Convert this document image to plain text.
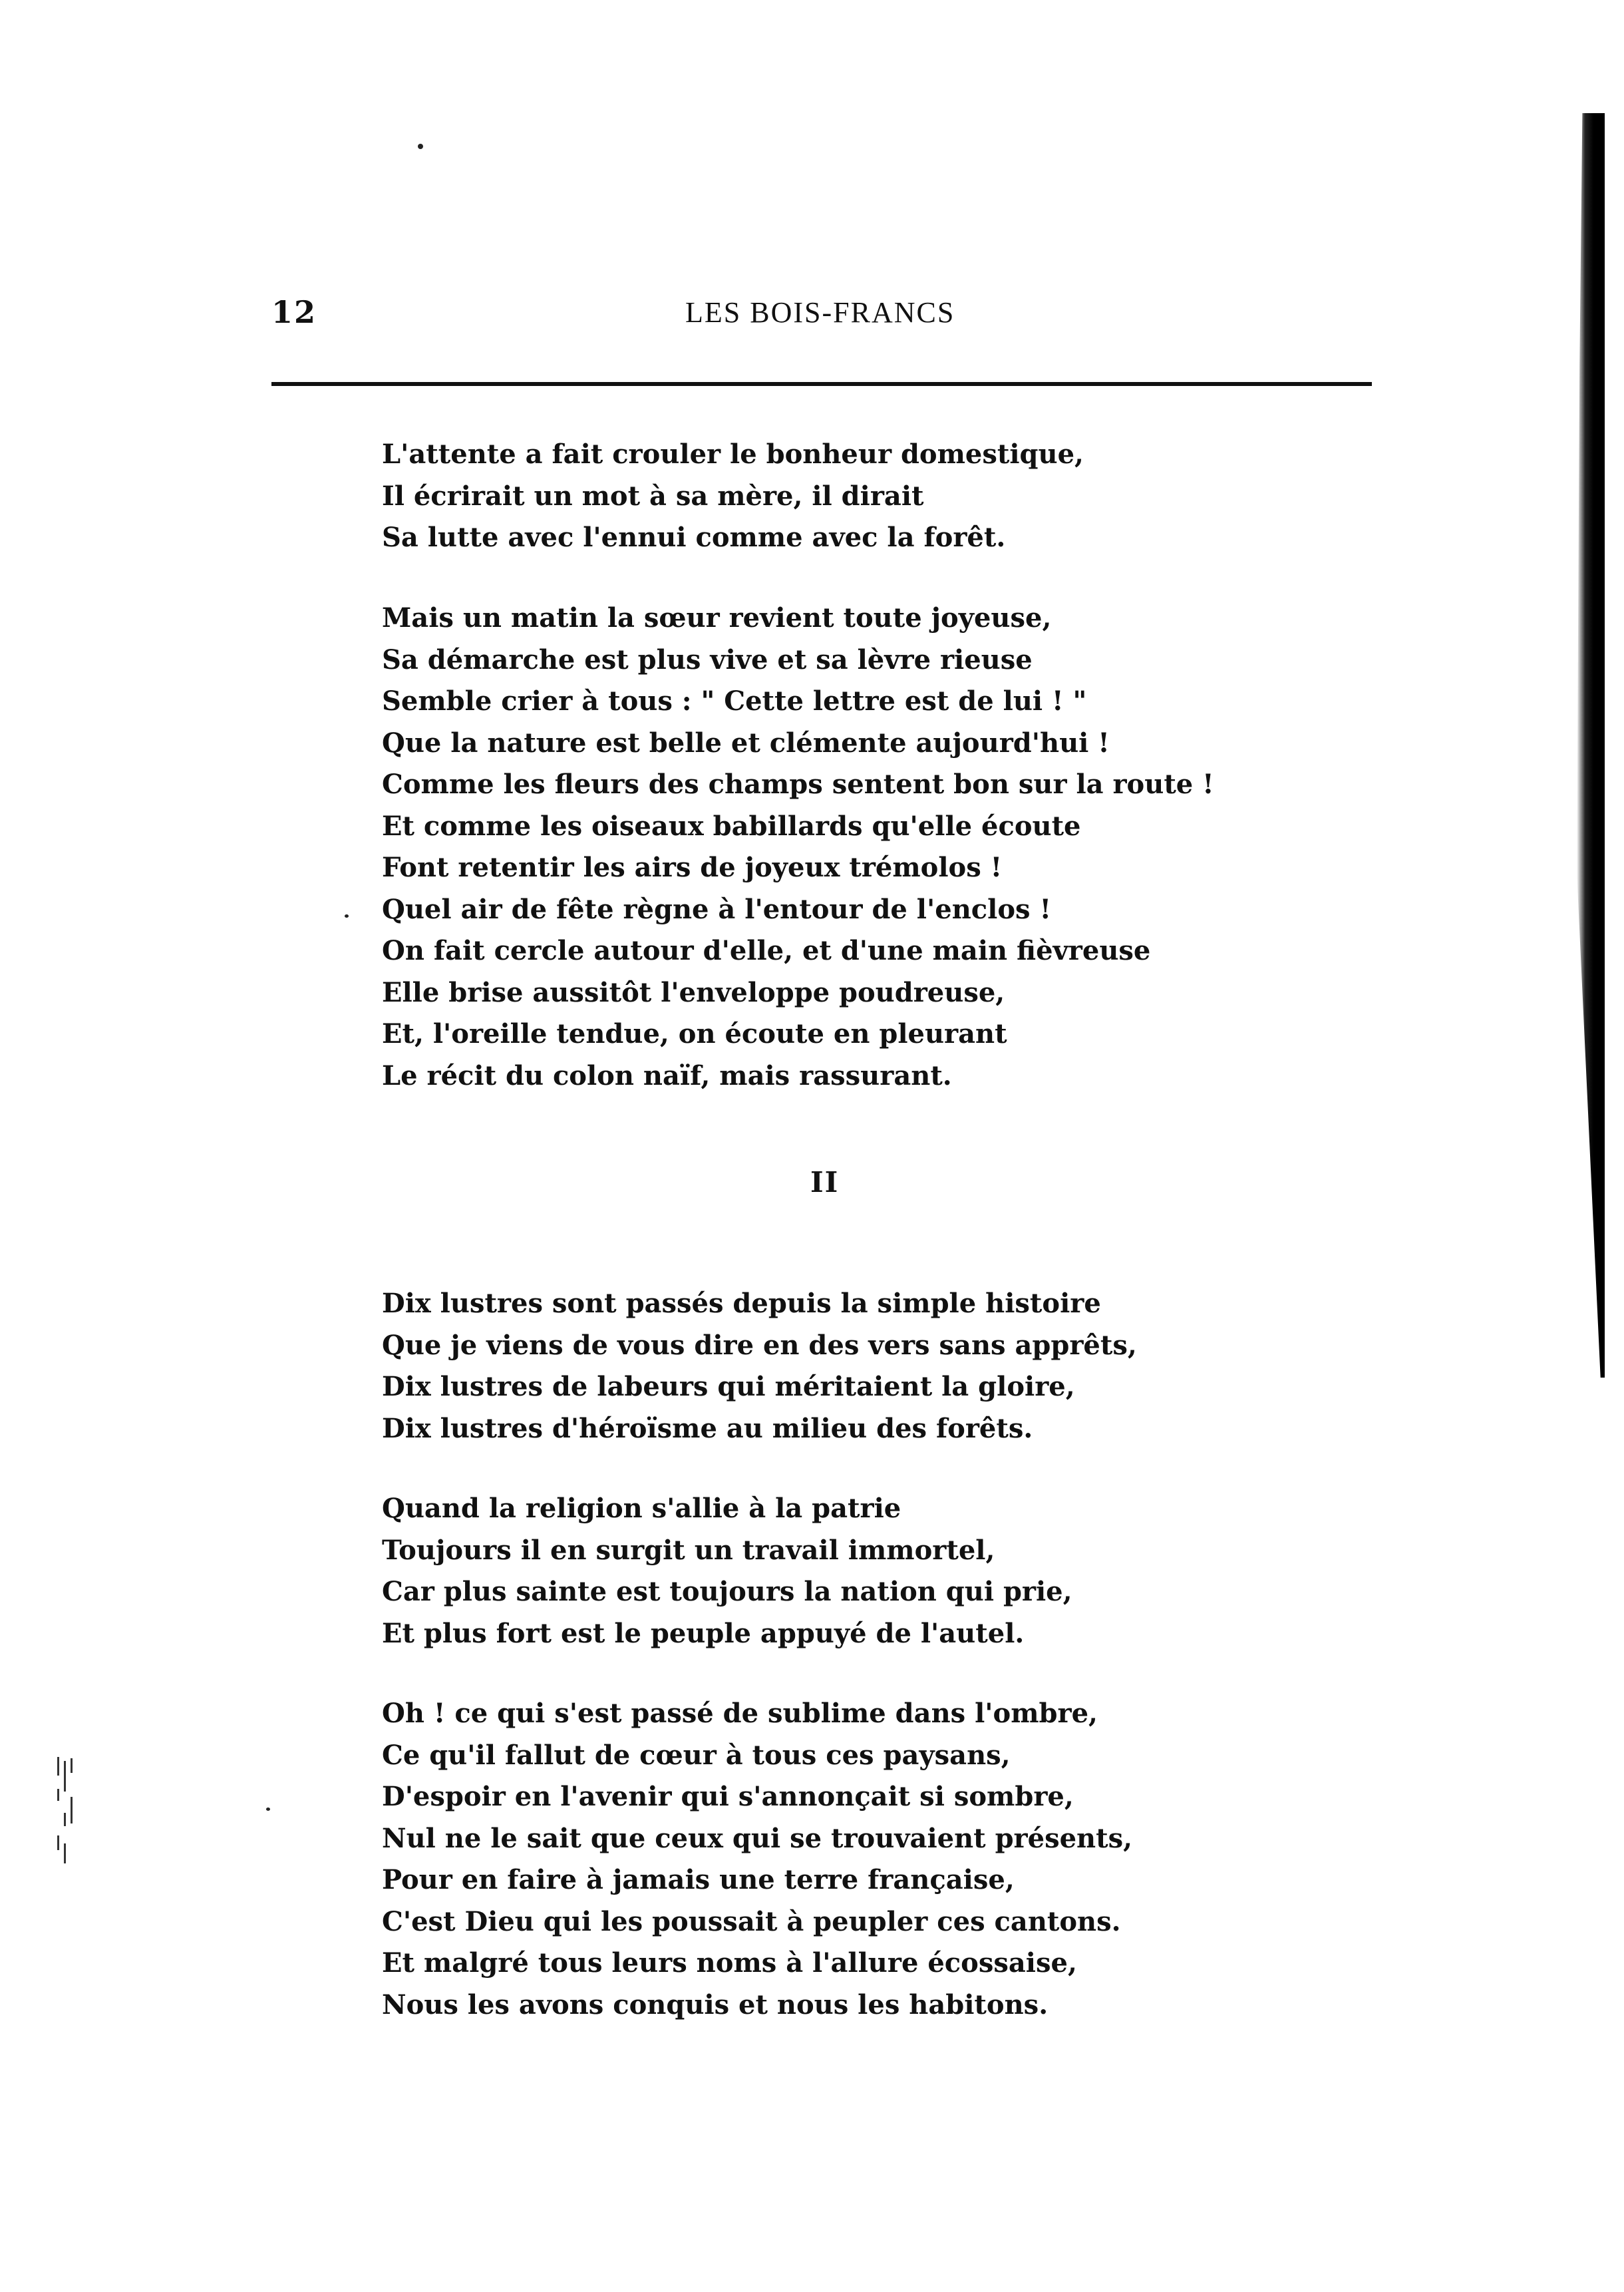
12	LES BOIS-FRANCS
L'attente a fait crouler le bonheur domestique,
Il écrirait un mot à sa mère, il dirait
Sa lutte avec l'ennui comme avec la forêt.
Mais un matin la sœur revient toute joyeuse,
Sa démarche est plus vive et sa lèvre rieuse
Semble crier à tous : " Cette lettre est de lui ! "
Que la nature est belle et clémente aujourd'hui !
Comme les fleurs des champs sentent bon sur la route !
Et comme les oiseaux babillards qu'elle écoute
Font retentir les airs de joyeux trémolos !
Quel air de fête règne à l'entour de l'enclos !
On fait cercle autour d'elle, et d'une main fièvreuse
Elle brise aussitôt l'enveloppe poudreuse,
Et, l'oreille tendue, on écoute en pleurant
Le récit du colon naïf, mais rassurant.
II
Dix lustres sont passés depuis la simple histoire
Que je viens de vous dire en des vers sans apprêts,
Dix lustres de labeurs qui méritaient la gloire,
Dix lustres d'héroïsme au milieu des forêts.
Quand la religion s'allie à la patrie
Toujours il en surgit un travail immortel,
Car plus sainte est toujours la nation qui prie,
Et plus fort est le peuple appuyé de l'autel.
Oh ! ce qui s'est passé de sublime dans l'ombre,
Ce qu'il fallut de cœur à tous ces paysans,
D'espoir en l'avenir qui s'annonçait si sombre,
Nul ne le sait que ceux qui se trouvaient présents,
Pour en faire à jamais une terre française,
C'est Dieu qui les poussait à peupler ces cantons.
Et malgré tous leurs noms à l'allure écossaise,
Nous les avons conquis et nous les habitons.
